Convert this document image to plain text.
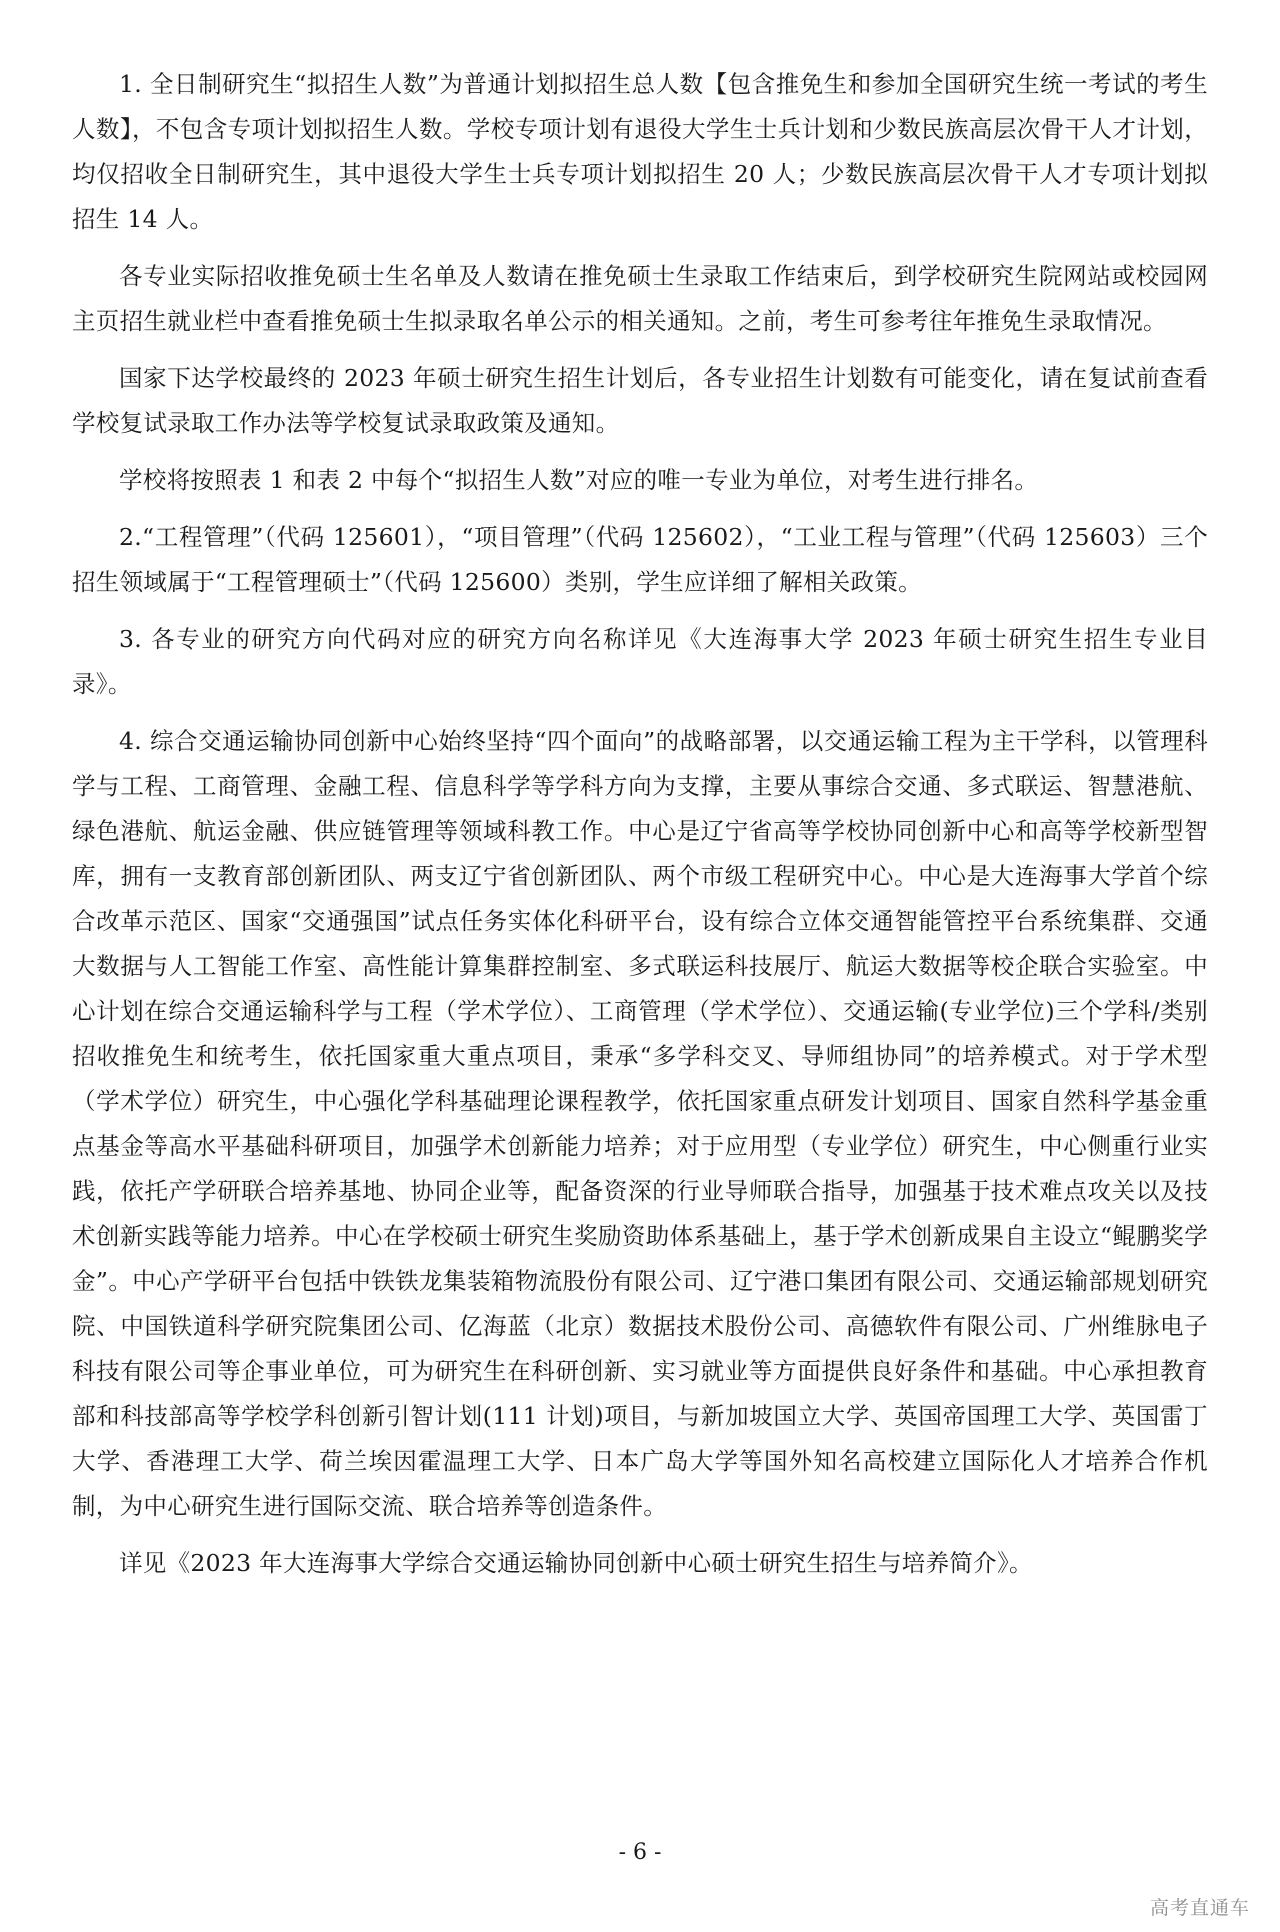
1. 全日制研究生“拟招生人数”为普通计划拟招生总人数【包含推免生和参加全国研究生统一考试的考生人数】，不包含专项计划拟招生人数。学校专项计划有退役大学生士兵计划和少数民族高层次骨干人才计划，均仅招收全日制研究生，其中退役大学生士兵专项计划拟招生 20 人；少数民族高层次骨干人才专项计划拟招生 14 人。

各专业实际招收推免硕士生名单及人数请在推免硕士生录取工作结束后，到学校研究生院网站或校园网主页招生就业栏中查看推免硕士生拟录取名单公示的相关通知。之前，考生可参考往年推免生录取情况。

国家下达学校最终的 2023 年硕士研究生招生计划后，各专业招生计划数有可能变化，请在复试前查看学校复试录取工作办法等学校复试录取政策及通知。

学校将按照表 1 和表 2 中每个“拟招生人数”对应的唯一专业为单位，对考生进行排名。

2.“工程管理”（代码 125601），“项目管理”（代码 125602），“工业工程与管理”（代码 125603）三个招生领域属于“工程管理硕士”（代码 125600）类别，学生应详细了解相关政策。

3. 各专业的研究方向代码对应的研究方向名称详见《大连海事大学 2023 年硕士研究生招生专业目录》。

4. 综合交通运输协同创新中心始终坚持“四个面向”的战略部署，以交通运输工程为主干学科，以管理科学与工程、工商管理、金融工程、信息科学等学科方向为支撑，主要从事综合交通、多式联运、智慧港航、绿色港航、航运金融、供应链管理等领域科教工作。中心是辽宁省高等学校协同创新中心和高等学校新型智库，拥有一支教育部创新团队、两支辽宁省创新团队、两个市级工程研究中心。中心是大连海事大学首个综合改革示范区、国家“交通强国”试点任务实体化科研平台，设有综合立体交通智能管控平台系统集群、交通大数据与人工智能工作室、高性能计算集群控制室、多式联运科技展厅、航运大数据等校企联合实验室。中心计划在综合交通运输科学与工程（学术学位）、工商管理（学术学位）、交通运输(专业学位)三个学科/类别招收推免生和统考生，依托国家重大重点项目，秉承“多学科交叉、导师组协同”的培养模式。对于学术型（学术学位）研究生，中心强化学科基础理论课程教学，依托国家重点研发计划项目、国家自然科学基金重点基金等高水平基础科研项目，加强学术创新能力培养；对于应用型（专业学位）研究生，中心侧重行业实践，依托产学研联合培养基地、协同企业等，配备资深的行业导师联合指导，加强基于技术难点攻关以及技术创新实践等能力培养。中心在学校硕士研究生奖励资助体系基础上，基于学术创新成果自主设立“鲲鹏奖学金”。中心产学研平台包括中铁铁龙集装箱物流股份有限公司、辽宁港口集团有限公司、交通运输部规划研究院、中国铁道科学研究院集团公司、亿海蓝（北京）数据技术股份公司、高德软件有限公司、广州维脉电子科技有限公司等企事业单位，可为研究生在科研创新、实习就业等方面提供良好条件和基础。中心承担教育部和科技部高等学校学科创新引智计划(111 计划)项目，与新加坡国立大学、英国帝国理工大学、英国雷丁大学、香港理工大学、荷兰埃因霍温理工大学、日本广岛大学等国外知名高校建立国际化人才培养合作机制，为中心研究生进行国际交流、联合培养等创造条件。

详见《2023 年大连海事大学综合交通运输协同创新中心硕士研究生招生与培养简介》。

- 6 -
高考直通车
